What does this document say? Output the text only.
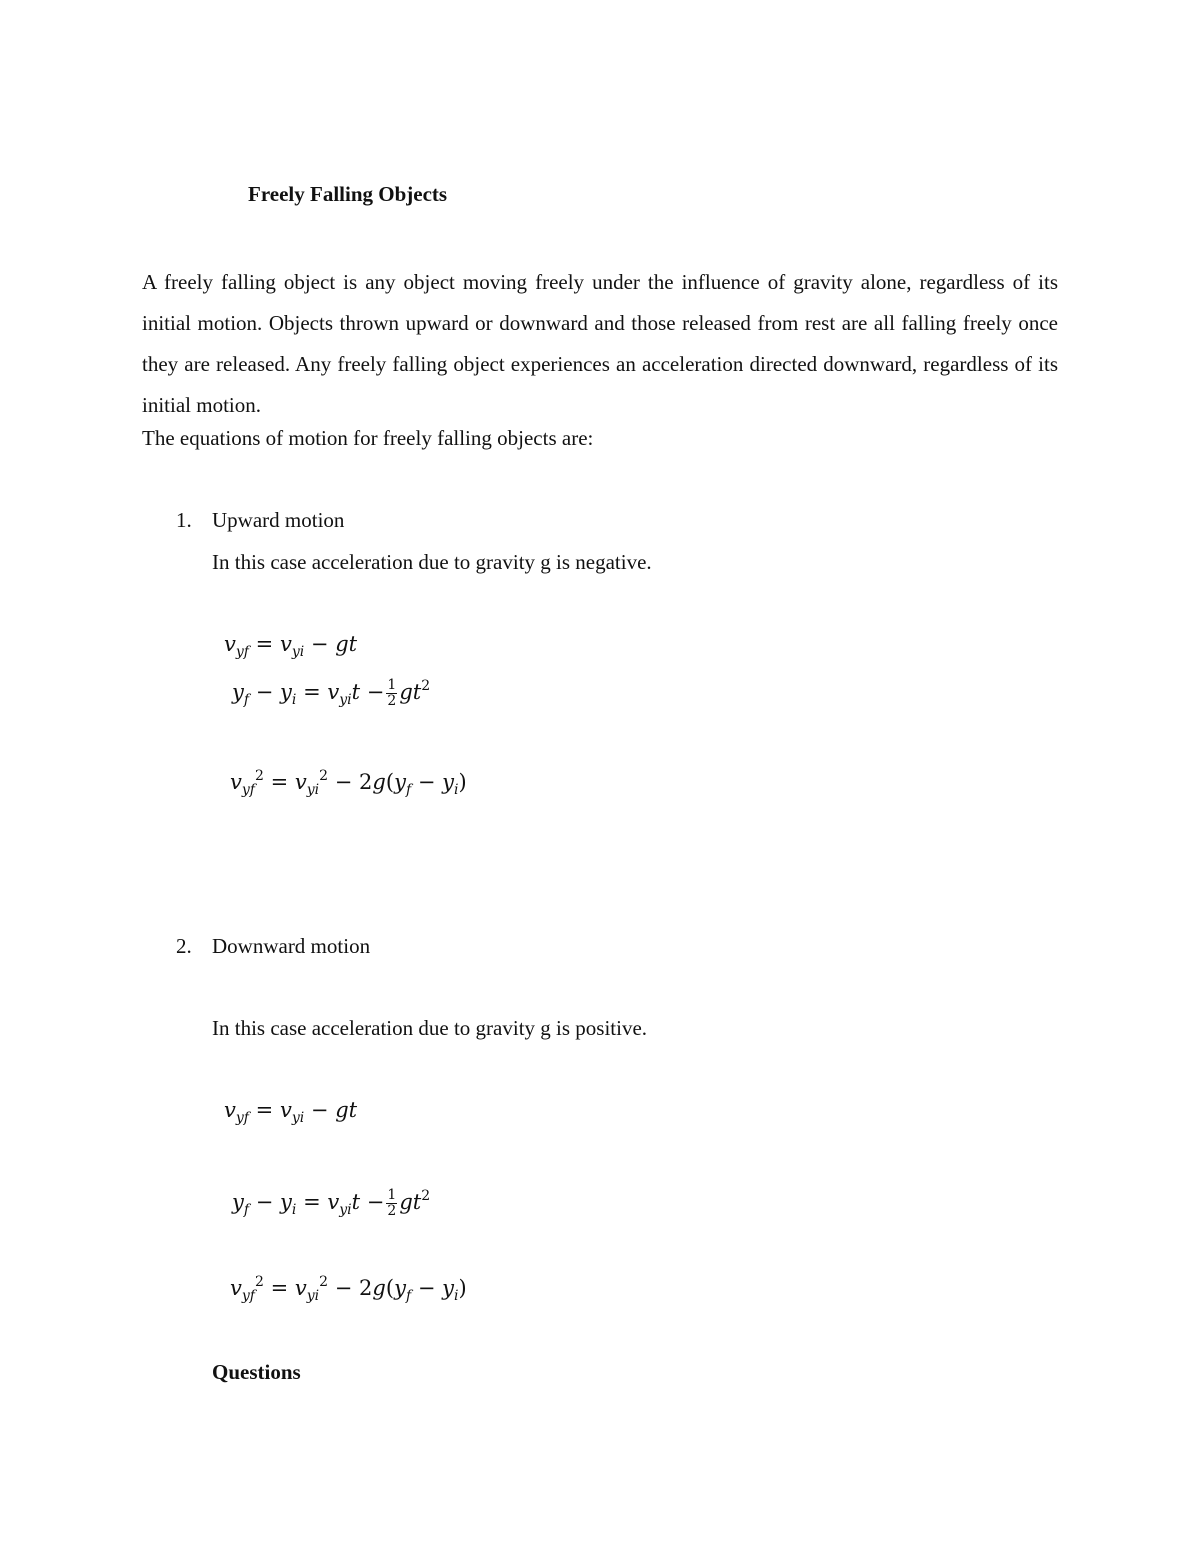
Freely Falling Objects
A freely falling object is any object moving freely under the influence of gravity alone, regardless of its initial motion. Objects thrown upward or downward and those released from rest are all falling freely once they are released. Any freely falling object experiences an acceleration directed downward, regardless of its initial motion.
The equations of motion for freely falling objects are:
1. Upward motion
In this case acceleration due to gravity g is negative.
$v_{yf} = v_{yi}$ − gt
$y_f - y_i = v_{yi}t - \frac{1}{2} gt^2$
$v_{yf}^2 = v_{yi}^2 - 2g(y_f - y_i)$
2. Downward motion
In this case acceleration due to gravity g is positive.
$v_{yf} = v_{yi}$ − gt
$y_f - y_i = v_{yi}t - \frac{1}{2} gt^2$
$v_{yf}^2 = v_{yi}^2 - 2g(y_f - y_i)$
Questions
